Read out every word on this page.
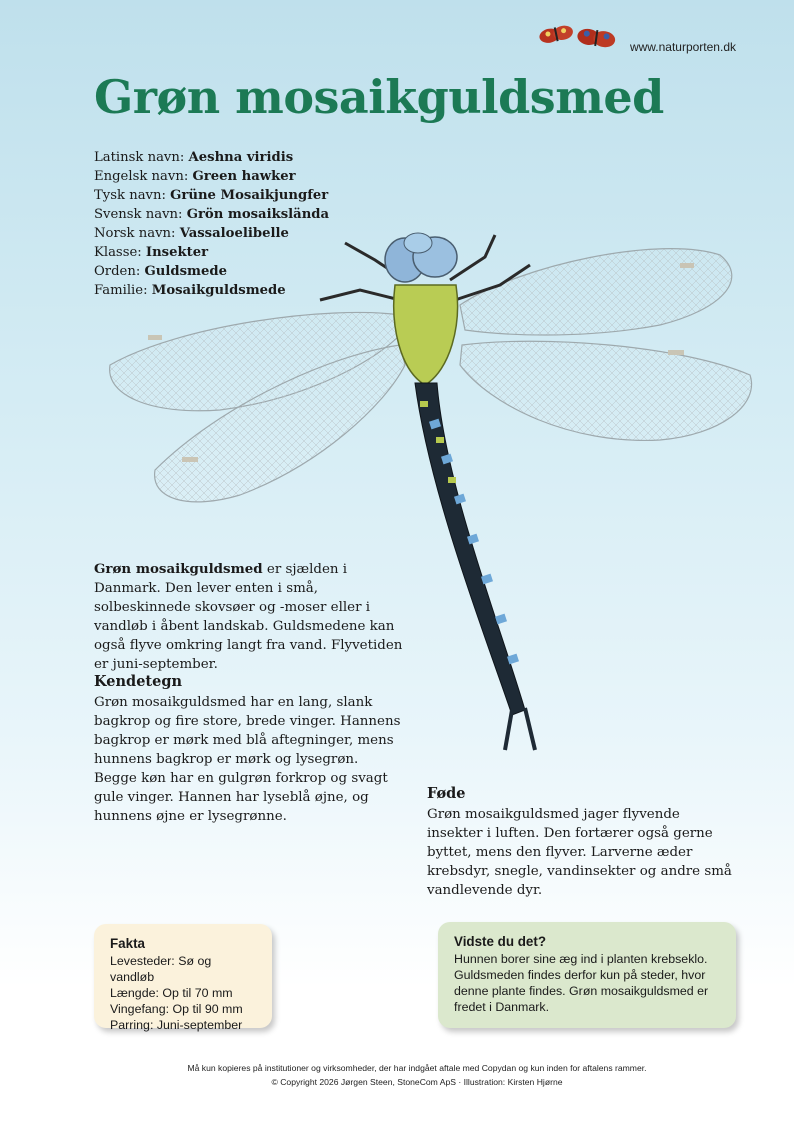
www.naturporten.dk
Grøn mosaikguldsmed
Latinsk navn: Aeshna viridis
Engelsk navn: Green hawker
Tysk navn: Grüne Mosaikjungfer
Svensk navn: Grön mosaikslända
Norsk navn: Vassaloelibelle
Klasse: Insekter
Orden: Guldsmede
Familie: Mosaikguldsmede

Grøn mosaikguldsmed er sjælden i Danmark. Den lever enten i små, solbeskinnede skovsøer og -moser eller i vandløb i åbent landskab. Guldsmedene kan også flyve omkring langt fra vand. Flyvetiden er juni-september.

Kendetegn

Grøn mosaikguldsmed har en lang, slank bagkrop og fire store, brede vinger. Hannens bagkrop er mørk med blå aftegninger, mens hunnens bagkrop er mørk og lysegrøn. Begge køn har en gulgrøn forkrop og svagt gule vinger. Hannen har lyseblå øjne, og hunnens øjne er lysegrønne.

Føde

Grøn mosaikguldsmed jager flyvende insekter i luften. Den fortærer også gerne byttet, mens den flyver. Larverne æder krebsdyr, snegle, vandinsekter og andre små vandlevende dyr.

Fakta

Levesteder: Sø og vandløb

Længde: Op til 70 mm

Vingefang: Op til 90 mm

Parring: Juni-september

Vidste du det?

Hunnen borer sine æg ind i planten krebseklo. Guldsmeden findes derfor kun på steder, hvor denne plante findes. Grøn mosaikguldsmed er fredet i Danmark.

Må kun kopieres på institutioner og virksomheder, der har indgået aftale med Copydan og kun inden for aftalens rammer.
© Copyright 2026 Jørgen Steen, StoneCom ApS · Illustration: Kirsten Hjørne
